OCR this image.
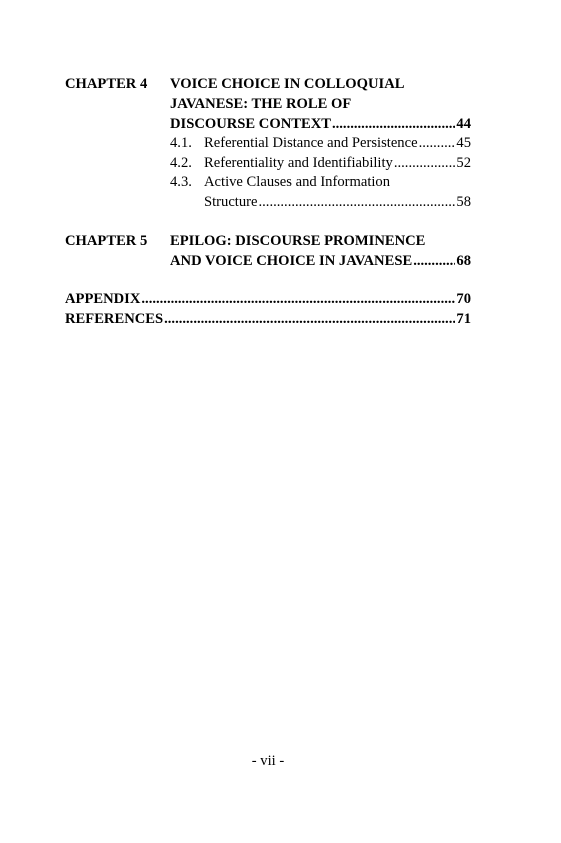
CHAPTER 4 VOICE CHOICE IN COLLOQUIAL
JAVANESE: THE ROLE OF
DISCOURSE CONTEXT .....	44
4.1. Referential Distance and Persistence .....	45
4.2. Referentiality and Identifiability .....	52
4.3. Active Clauses and Information
Structure .....	58
CHAPTER 5 EPILOG: DISCOURSE PROMINENCE
AND VOICE CHOICE IN JAVANESE .....	68
APPENDIX .....	70
REFERENCES .....	71
- vii -
